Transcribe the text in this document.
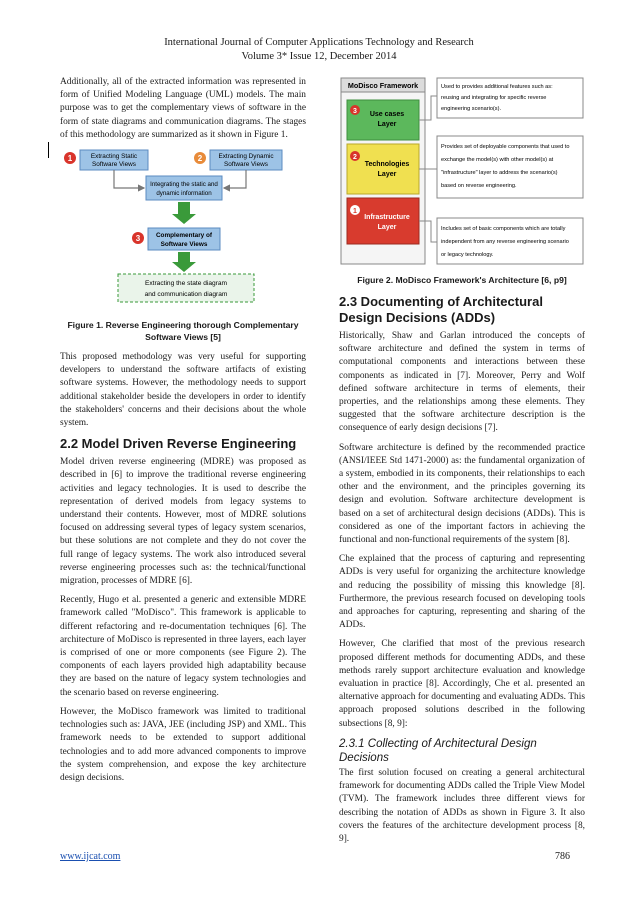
International Journal of Computer Applications Technology and Research
Volume 3* Issue 12, December 2014

Additionally, all of the extracted information was represented in form of Unified Modeling Language (UML) models. The main purpose was to get the complementary views of software in the form of state diagrams and communication diagrams. The stages of this methodology are summarized as it shown in Figure 1.

1	Extracting Static
Software Views
2	Extracting Dynamic
Software Views
Integrating the static and
dynamic information
3 Complementary of
Software Views
Extracting the state diagram
and communication diagram
Figure 1. Reverse Engineering thorough Complementary Software Views [5]

This proposed methodology was very useful for supporting developers to understand the software artifacts of existing software systems. However, the methodology needs to support additional stakeholder beside the developers in order to identify the stakeholders' concerns and their decisions about the whole system.

2.2 Model Driven Reverse Engineering

Model driven reverse engineering (MDRE) was proposed as described in [6] to improve the traditional reverse engineering activities and legacy technologies. It is used to describe the representation of derived models from legacy systems to understand their contents. However, most of MDRE solutions focused on addressing several types of legacy system scenarios, but these solutions are not complete and they do not cover the full range of legacy systems. The work also introduced several reverse engineering processes such as: the technical/functional migration, processes of MDRE [6].

Recently, Hugo et al. presented a generic and extensible MDRE framework called "MoDisco". This framework is applicable to different refactoring and re-documentation techniques [6]. The architecture of MoDisco is represented in three layers, each layer is comprised of one or more components (see Figure 2). The components of each layers provided high adaptability because they are based on the nature of legacy system technologies and the scenario based on reverse engineering.

However, the MoDisco framework was limited to traditional technologies such as: JAVA, JEE (including JSP) and XML. This framework needs to be extended to support additional technologies and to add more advanced components to improve the system comprehension, and expose the key architecture design decisions.

MoDisco Framework
3 Use cases
Layer
2
Technologies
Layer
1
Infrastructure
Layer
Used to provides additional features such as:
reusing and integrating for specific reverse
engineering scenario(s).
Provides set of deployable components that used to
exchange the model(s) with other model(s) at
"infrastructure" layer to address the scenario(s)
based on reverse engineering.
Includes set of basic components which are totally
independent from any reverse engineering scenario
or legacy technology.
Figure 2. MoDisco Framework's Architecture [6, p9]
2.3 Documenting of Architectural Design Decisions (ADDs)

Historically, Shaw and Garlan introduced the concepts of software architecture and defined the system in terms of computational components and interactions between these components as indicated in [7]. Moreover, Perry and Wolf defined software architecture in terms of elements, their properties, and the relationships among these elements. They suggested that the software architecture description is the consequence of early design decisions [7].

Software architecture is defined by the recommended practice (ANSI/IEEE Std 1471-2000) as: the fundamental organization of a system, embodied in its components, their relationships to each other and the environment, and the principles governing its design and evolution. Software architecture development is based on a set of architectural design decisions (ADDs). This is considered as one of the important factors in achieving the functional and non-functional requirements of the system [8].

Che explained that the process of capturing and representing ADDs is very useful for organizing the architecture knowledge and reducing the possibility of missing this knowledge [8]. Furthermore, the previous research focused on developing tools and approaches for capturing, representing and sharing of the ADDs.

However, Che clarified that most of the previous research proposed different methods for documenting ADDs, and these methods rarely support architecture evaluation and knowledge evaluation in practice [8]. Accordingly, Che et al. presented an alternative approach for documenting and evaluating ADDs. This approach proposed solutions described in the following subsections [8, 9]:

2.3.1 Collecting of Architectural Design Decisions

The first solution focused on creating a general architectural framework for documenting ADDs called the Triple View Model (TVM). The framework includes three different views for describing the notation of ADDs as shown in Figure 3. It also covers the features of the architecture development process [8, 9].

www.ijcat.com	786
